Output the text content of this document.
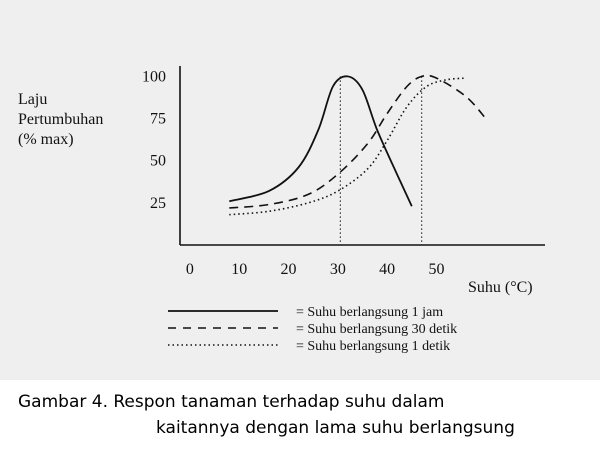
0 10 20 30 40 50
25
50
75
100
Laju
Pertumbuhan
(% max)
Suhu (°C)
= Suhu berlangsung 1 jam
= Suhu berlangsung 30 detik
= Suhu berlangsung 1 detik
Gambar 4. Respon tanaman terhadap suhu dalam
kaitannya dengan lama suhu berlangsung
